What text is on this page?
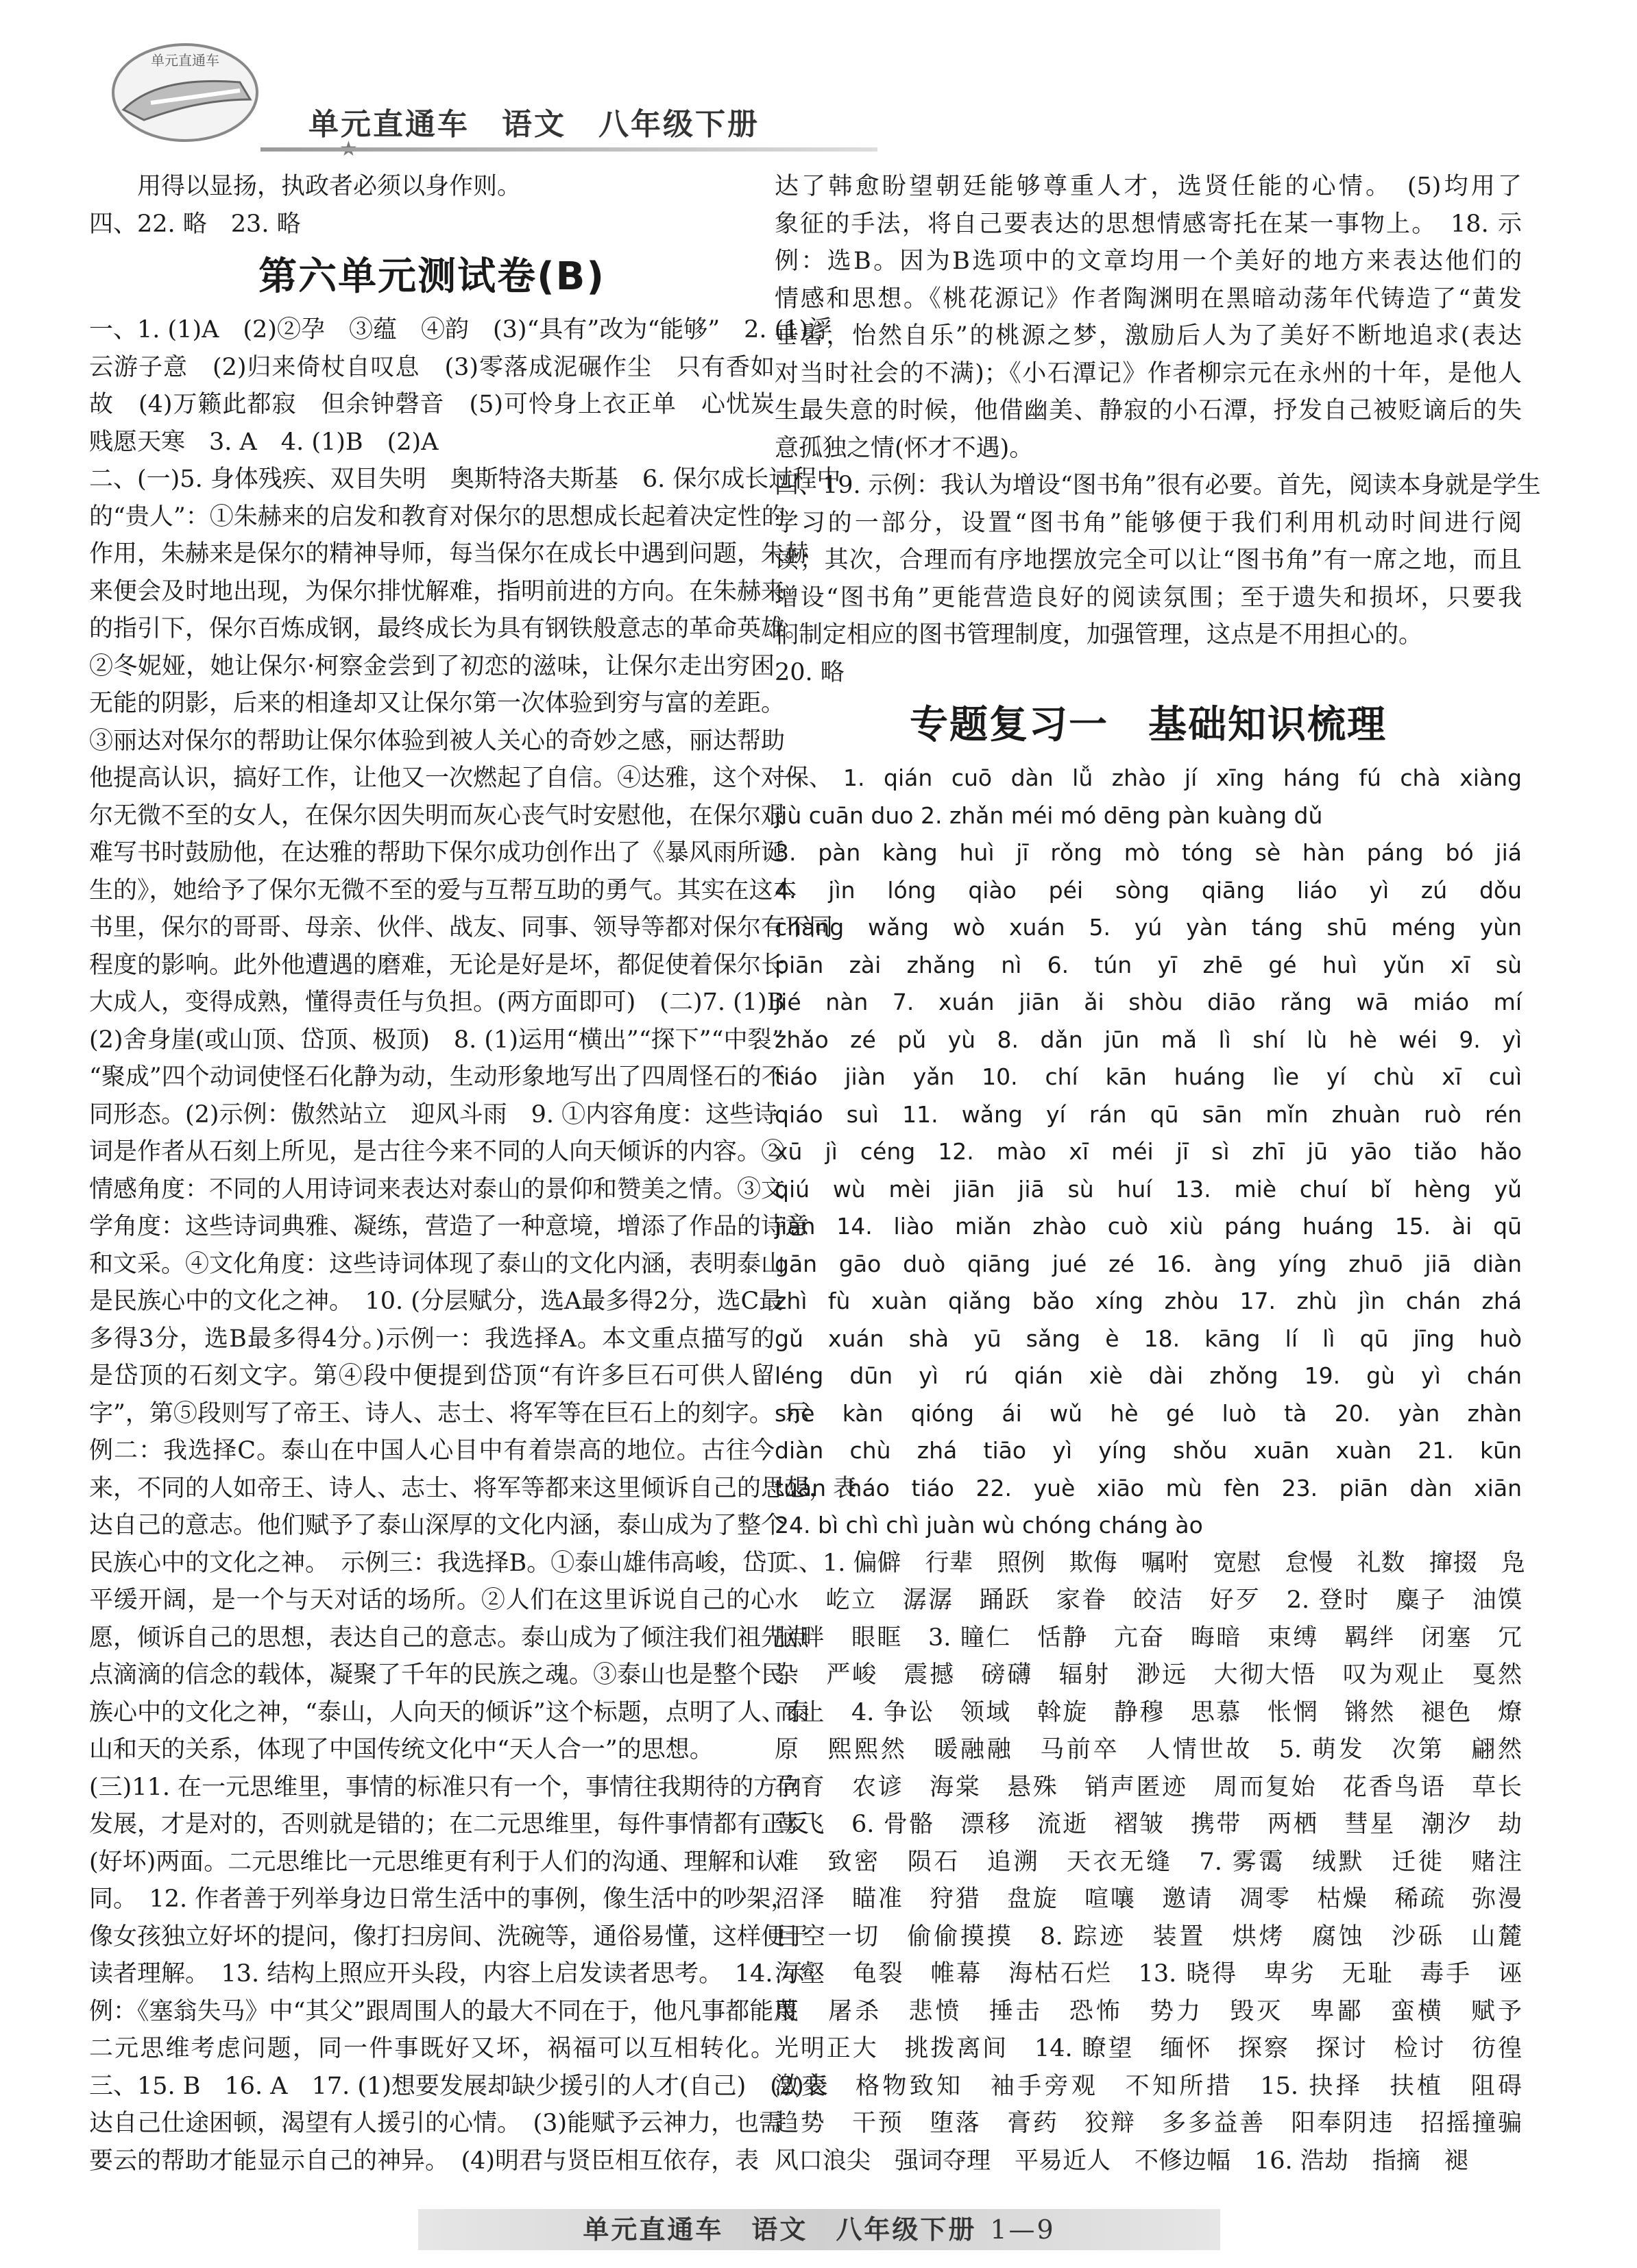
单元直通车
单元直通车　语文　八年级下册
用得以显扬，执政者必须以身作则。
四、22. 略　23. 略
第六单元测试卷(B)
一、1. (1)A　(2)②孕　③蕴　④韵　(3)“具有”改为“能够”　2. (1)浮
云游子意　(2)归来倚杖自叹息　(3)零落成泥碾作尘　只有香如
故　(4)万籁此都寂　但余钟磬音　(5)可怜身上衣正单　心忧炭
贱愿天寒　3. A　4. (1)B　(2)A
二、(一)5. 身体残疾、双目失明　奥斯特洛夫斯基　6. 保尔成长过程中
的“贵人”：①朱赫来的启发和教育对保尔的思想成长起着决定性的
作用，朱赫来是保尔的精神导师，每当保尔在成长中遇到问题，朱赫
来便会及时地出现，为保尔排忧解难，指明前进的方向。在朱赫来
的指引下，保尔百炼成钢，最终成长为具有钢铁般意志的革命英雄。
②冬妮娅，她让保尔·柯察金尝到了初恋的滋味，让保尔走出穷困
无能的阴影，后来的相逢却又让保尔第一次体验到穷与富的差距。
③丽达对保尔的帮助让保尔体验到被人关心的奇妙之感，丽达帮助
他提高认识，搞好工作，让他又一次燃起了自信。④达雅，这个对保
尔无微不至的女人，在保尔因失明而灰心丧气时安慰他，在保尔艰
难写书时鼓励他，在达雅的帮助下保尔成功创作出了《暴风雨所诞
生的》，她给予了保尔无微不至的爱与互帮互助的勇气。其实在这本
书里，保尔的哥哥、母亲、伙伴、战友、同事、领导等都对保尔有不同
程度的影响。此外他遭遇的磨难，无论是好是坏，都促使着保尔长
大成人，变得成熟，懂得责任与负担。(两方面即可)　(二)7. (1)B
(2)舍身崖(或山顶、岱顶、极顶)　8. (1)运用“横出”“探下”“中裂”
“聚成”四个动词使怪石化静为动，生动形象地写出了四周怪石的不
同形态。(2)示例：傲然站立　迎风斗雨　9. ①内容角度：这些诗
词是作者从石刻上所见，是古往今来不同的人向天倾诉的内容。②
情感角度：不同的人用诗词来表达对泰山的景仰和赞美之情。③文
学角度：这些诗词典雅、凝练，营造了一种意境，增添了作品的诗意
和文采。④文化角度：这些诗词体现了泰山的文化内涵，表明泰山
是民族心中的文化之神。　10. (分层赋分，选A最多得2分，选C最
多得3分，选B最多得4分。)示例一：我选择A。本文重点描写的
是岱顶的石刻文字。第④段中便提到岱顶“有许多巨石可供人留
字”，第⑤段则写了帝王、诗人、志士、将军等在巨石上的刻字。　示
例二：我选择C。泰山在中国人心目中有着崇高的地位。古往今
来，不同的人如帝王、诗人、志士、将军等都来这里倾诉自己的思想，表
达自己的意志。他们赋予了泰山深厚的文化内涵，泰山成为了整个
民族心中的文化之神。　示例三：我选择B。①泰山雄伟高峻，岱顶
平缓开阔，是一个与天对话的场所。②人们在这里诉说自己的心
愿，倾诉自己的思想，表达自己的意志。泰山成为了倾注我们祖先点
点滴滴的信念的载体，凝聚了千年的民族之魂。③泰山也是整个民
族心中的文化之神，“泰山，人向天的倾诉”这个标题，点明了人、泰
山和天的关系，体现了中国传统文化中“天人合一”的思想。
(三)11. 在一元思维里，事情的标准只有一个，事情往我期待的方向
发展，才是对的，否则就是错的；在二元思维里，每件事情都有正反
(好坏)两面。二元思维比一元思维更有利于人们的沟通、理解和认
同。　12. 作者善于列举身边日常生活中的事例，像生活中的吵架，
像女孩独立好坏的提问，像打扫房间、洗碗等，通俗易懂，这样便于
读者理解。　13. 结构上照应开头段，内容上启发读者思考。　14. 示
例：《塞翁失马》中“其父”跟周围人的最大不同在于，他凡事都能用
二元思维考虑问题，同一件事既好又坏，祸福可以互相转化。
三、15. B　16. A　17. (1)想要发展却缺少援引的人才(自己)　(2)表
达自己仕途困顿，渴望有人援引的心情。　(3)能赋予云神力，也需
要云的帮助才能显示自己的神异。　(4)明君与贤臣相互依存，表
达了韩愈盼望朝廷能够尊重人才，选贤任能的心情。　(5)均用了
象征的手法，将自己要表达的思想情感寄托在某一事物上。　18. 示
例：选B。因为B选项中的文章均用一个美好的地方来表达他们的
情感和思想。《桃花源记》作者陶渊明在黑暗动荡年代铸造了“黄发
垂髫，怡然自乐”的桃源之梦，激励后人为了美好不断地追求(表达
对当时社会的不满)；《小石潭记》作者柳宗元在永州的十年，是他人
生最失意的时候，他借幽美、静寂的小石潭，抒发自己被贬谪后的失
意孤独之情(怀才不遇)。
四、19. 示例：我认为增设“图书角”很有必要。首先，阅读本身就是学生
学习的一部分，设置“图书角”能够便于我们利用机动时间进行阅
读；其次，合理而有序地摆放完全可以让“图书角”有一席之地，而且
增设“图书角”更能营造良好的阅读氛围；至于遗失和损坏，只要我
们制定相应的图书管理制度，加强管理，这点是不用担心的。
20. 略
专题复习一　基础知识梳理
一、1. qián cuō dàn lǚ zhào jí xīng háng fú chà xiàng
jiù cuān duo 2. zhǎn méi mó dēng pàn kuàng dǔ
3. pàn kàng huì jī rǒng mò tóng sè hàn páng bó jiá
4. jìn lóng qiào péi sòng qiāng liáo yì zú dǒu
chàng wǎng wò xuán 5. yú yàn táng shū méng yùn
piān zài zhǎng nì 6. tún yī zhē gé huì yǔn xī sù
jié nàn 7. xuán jiān ǎi shòu diāo rǎng wā miáo mí
zhǎo zé pǔ yù 8. dǎn jūn mǎ lì shí lù hè wéi 9. yì
tiáo jiàn yǎn 10. chí kān huáng lìe yí chù xī cuì
qiáo suì 11. wǎng yí rán qū sān mǐn zhuàn ruò rén
xū jì céng 12. mào xī méi jī sì zhī jū yāo tiǎo hǎo
qiú wù mèi jiān jiā sù huí 13. miè chuí bǐ hèng yǔ
jiàn 14. liào miǎn zhào cuò xiù páng huáng 15. ài qū
gān gāo duò qiāng jué zé 16. àng yíng zhuō jiā diàn
zhì fù xuàn qiǎng bǎo xíng zhòu 17. zhù jìn chán zhá
gǔ xuán shà yū sǎng è 18. kāng lí lì qū jīng huò
léng dūn yì rú qián xiè dài zhǒng 19. gù yì chán
shè kàn qióng ái wǔ hè gé luò tà 20. yàn zhàn
diàn chù zhá tiāo yì yíng shǒu xuān xuàn 21. kūn
tuán háo tiáo 22. yuè xiāo mù fèn 23. piān dàn xiān
24. bì chì chì juàn wù chóng cháng ào
二、1. 偏僻　行辈　照例　欺侮　嘱咐　宽慰　怠慢　礼数　撺掇　凫
水　屹立　潺潺　踊跃　家眷　皎洁　好歹　2. 登时　麋子　油馍
脑畔　眼眶　3. 瞳仁　恬静　亢奋　晦暗　束缚　羁绊　闭塞　冗
杂　严峻　震撼　磅礴　辐射　渺远　大彻大悟　叹为观止　戛然
而止　4. 争讼　领域　斡旋　静穆　思慕　怅惘　锵然　褪色　燎
原　熙熙然　暖融融　马前卒　人情世故　5. 萌发　次第　翩然
孕育　农谚　海棠　悬殊　销声匿迹　周而复始　花香鸟语　草长
莺飞　6. 骨骼　漂移　流逝　褶皱　携带　两栖　彗星　潮汐　劫
难　致密　陨石　追溯　天衣无缝　7. 雾霭　绒默　迁徙　赌注
沼泽　瞄准　狩猎　盘旋　喧嚷　邀请　凋零　枯燥　稀疏　弥漫
目空一切　偷偷摸摸　8. 踪迹　装置　烘烤　腐蚀　沙砾　山麓
沟壑　龟裂　帷幕　海枯石烂　13. 晓得　卑劣　无耻　毒手　诬
蔑　屠杀　悲愤　捶击　恐怖　势力　毁灭　卑鄙　蛮横　赋予
光明正大　挑拨离间　14. 瞭望　缅怀　探察　探讨　检讨　彷徨
激变　格物致知　袖手旁观　不知所措　15. 抉择　扶植　阻碍
趋势　干预　堕落　膏药　狡辩　多多益善　阳奉阴违　招摇撞骗
风口浪尖　强词夺理　平易近人　不修边幅　16. 浩劫　指摘　褪
单元直通车　语文　八年级下册 1—9
